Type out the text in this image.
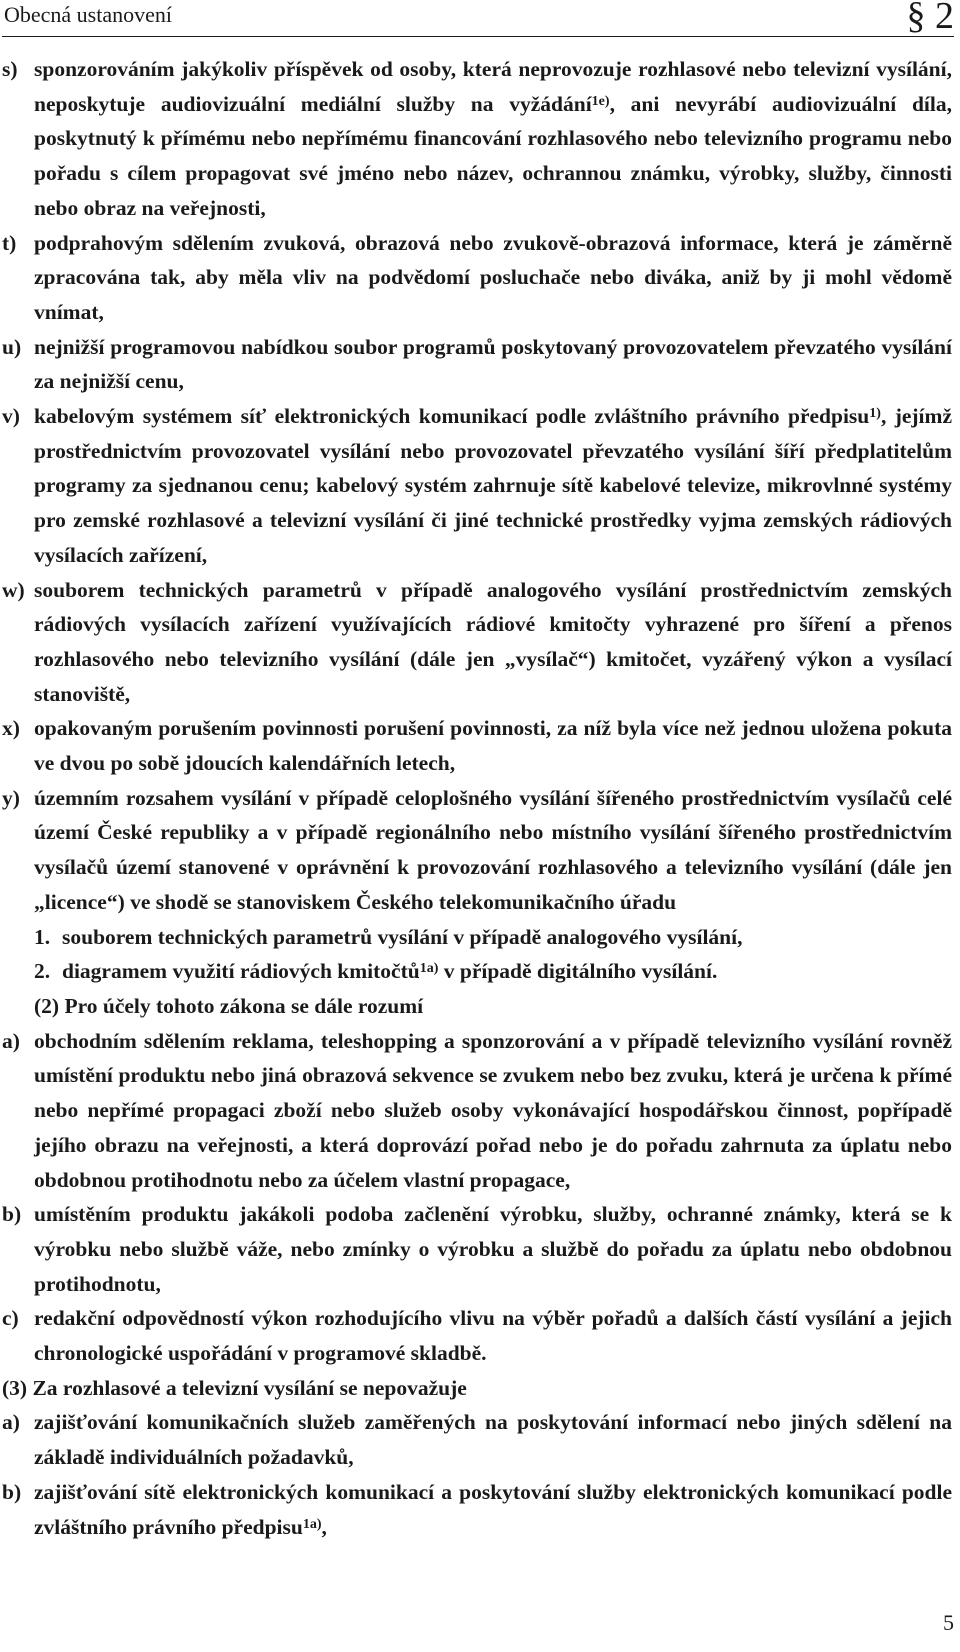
Obecná ustanovení	§ 2
s) sponzorováním jakýkoliv příspěvek od osoby, která neprovozuje rozhlasové nebo televizní vysílání, neposkytuje audiovizuální mediální služby na vyžádání$^{1e)}$, ani nevyrábí audiovizuální díla, poskytnutý k přímému nebo nepřímému financování rozhlasového nebo televizního programu nebo pořadu s cílem propagovat své jméno nebo název, ochrannou známku, výrobky, služby, činnosti nebo obraz na veřejnosti,
t) podprahovým sdělením zvuková, obrazová nebo zvukově-obrazová informace, která je záměrně zpracována tak, aby měla vliv na podvědomí posluchače nebo diváka, aniž by ji mohl vědomě vnímat,
u) nejnižší programovou nabídkou soubor programů poskytovaný provozovatelem převzatého vysílání za nejnižší cenu,
v) kabelovým systémem síť elektronických komunikací podle zvláštního právního předpisu$^{1)}$, jejímž prostřednictvím provozovatel vysílání nebo provozovatel převzatého vysílání šíří předplatitelům programy za sjednanou cenu; kabelový systém zahrnuje sítě kabelové televize, mikrovlnné systémy pro zemské rozhlasové a televizní vysílání či jiné technické prostředky vyjma zemských rádiových vysílacích zařízení,
w) souborem technických parametrů v případě analogového vysílání prostřednictvím zemských rádiových vysílacích zařízení využívajících rádiové kmitočty vyhrazené pro šíření a přenos rozhlasového nebo televizního vysílání (dále jen „vysílač“) kmitočet, vyzářený výkon a vysílací stanoviště,
x) opakovaným porušením povinnosti porušení povinnosti, za níž byla více než jednou uložena pokuta ve dvou po sobě jdoucích kalendářních letech,
y) územním rozsahem vysílání v případě celoplošného vysílání šířeného prostřednictvím vysílačů celé území České republiky a v případě regionálního nebo místního vysílání šířeného prostřednictvím vysílačů území stanovené v oprávnění k provozování rozhlasového a televizního vysílání (dále jen „licence“) ve shodě se stanoviskem Českého telekomunikačního úřadu
1. souborem technických parametrů vysílání v případě analogového vysílání,
2. diagramem využití rádiových kmitočtů$^{1a)}$ v případě digitálního vysílání.
(2) Pro účely tohoto zákona se dále rozumí
a) obchodním sdělením reklama, teleshopping a sponzorování a v případě televizního vysílání rovněž umístění produktu nebo jiná obrazová sekvence se zvukem nebo bez zvuku, která je určena k přímé nebo nepřímé propagaci zboží nebo služeb osoby vykonávající hospodářskou činnost, popřípadě jejího obrazu na veřejnosti, a která doprovází pořad nebo je do pořadu zahrnuta za úplatu nebo obdobnou protihodnotu nebo za účelem vlastní propagace,
b) umístěním produktu jakákoli podoba začlenění výrobku, služby, ochranné známky, která se k výrobku nebo službě váže, nebo zmínky o výrobku a službě do pořadu za úplatu nebo obdobnou protihodnotu,
c) redakční odpovědností výkon rozhodujícího vlivu na výběr pořadů a dalších částí vysílání a jejich chronologické uspořádání v programové skladbě.
(3) Za rozhlasové a televizní vysílání se nepovažuje
a) zajišťování komunikačních služeb zaměřených na poskytování informací nebo jiných sdělení na základě individuálních požadavků,
b) zajišťování sítě elektronických komunikací a poskytování služby elektronických komunikací podle zvláštního právního předpisu$^{1a)}$,
5
